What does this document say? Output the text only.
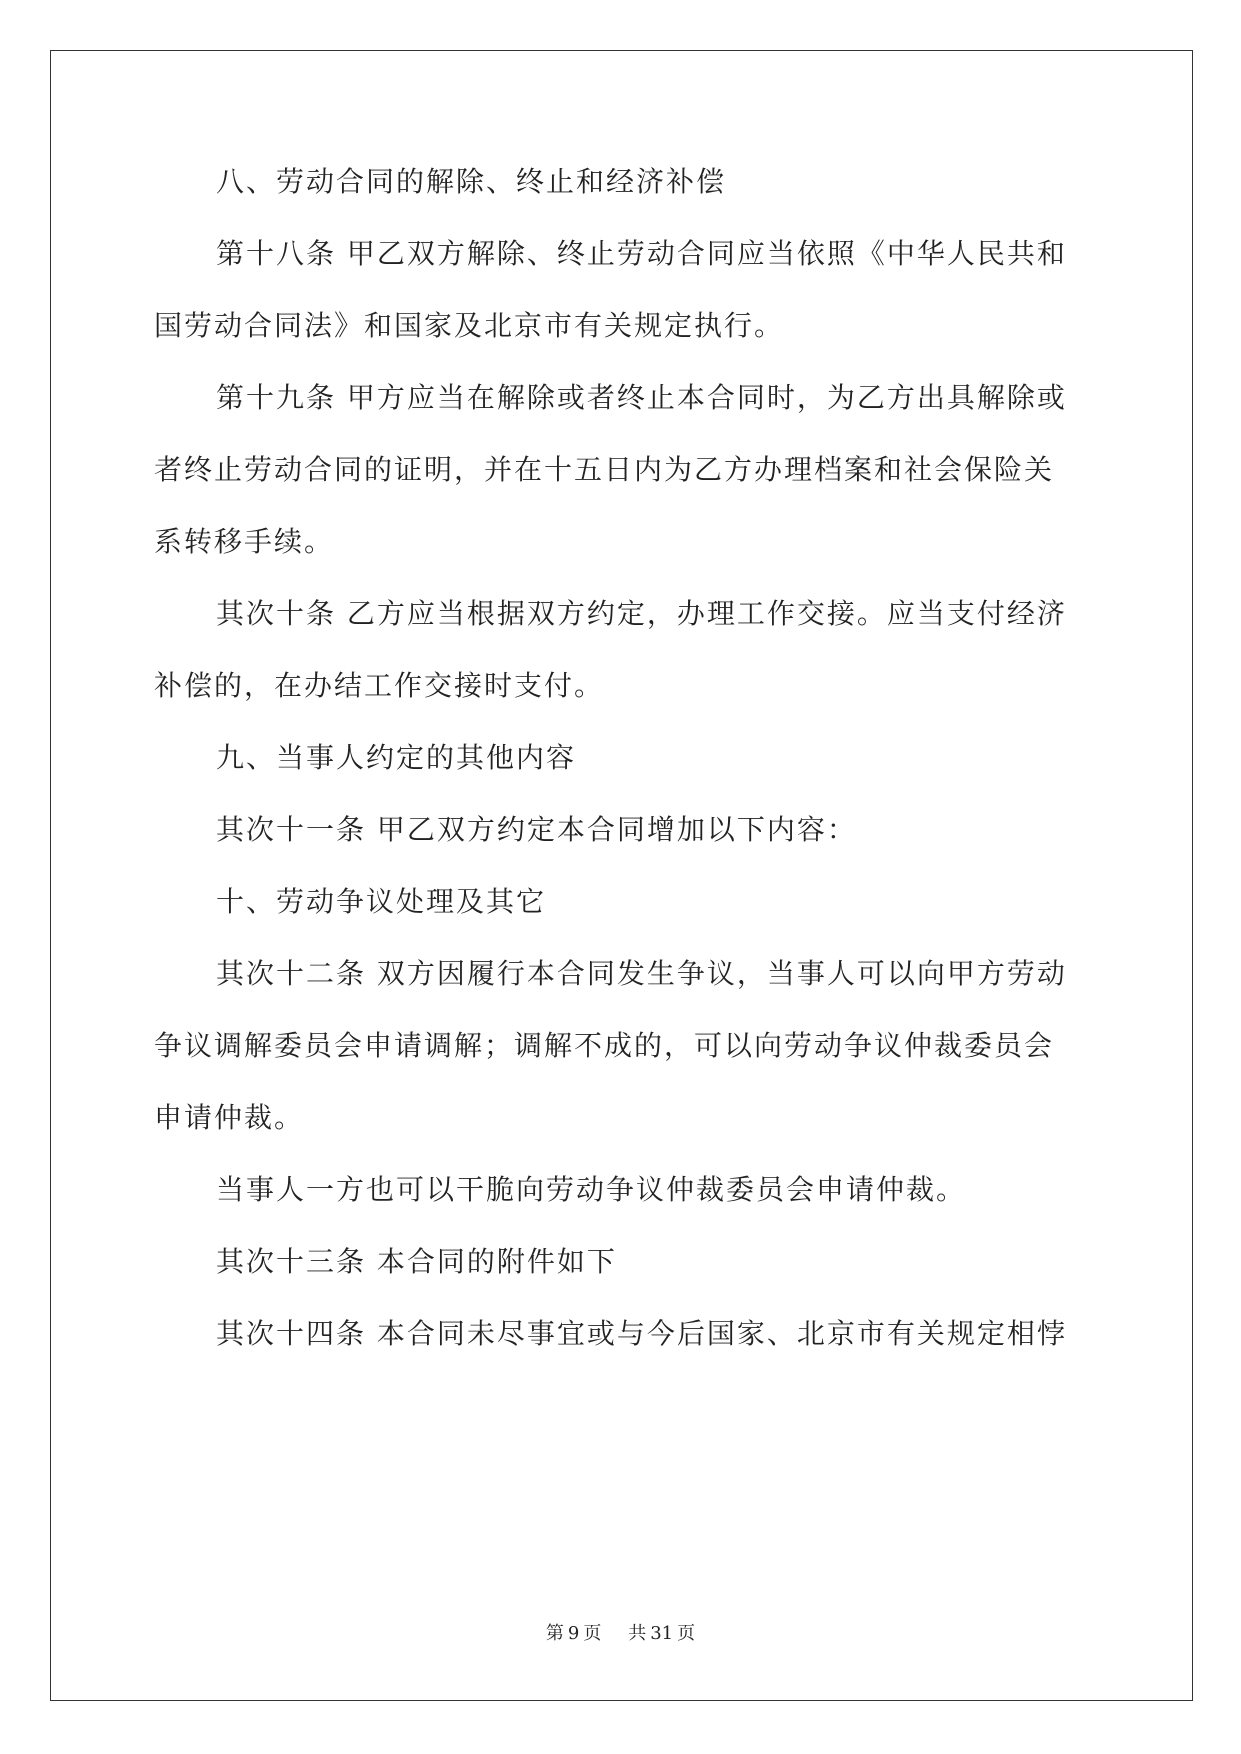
八、劳动合同的解除、终止和经济补偿

第十八条 甲乙双方解除、终止劳动合同应当依照《中华人民共和

国劳动合同法》和国家及北京市有关规定执行。

第十九条 甲方应当在解除或者终止本合同时，为乙方出具解除或

者终止劳动合同的证明，并在十五日内为乙方办理档案和社会保险关

系转移手续。

其次十条 乙方应当根据双方约定，办理工作交接。应当支付经济

补偿的，在办结工作交接时支付。

九、当事人约定的其他内容

其次十一条 甲乙双方约定本合同增加以下内容：

十、劳动争议处理及其它

其次十二条 双方因履行本合同发生争议，当事人可以向甲方劳动

争议调解委员会申请调解；调解不成的，可以向劳动争议仲裁委员会

申请仲裁。

当事人一方也可以干脆向劳动争议仲裁委员会申请仲裁。

其次十三条 本合同的附件如下

其次十四条 本合同未尽事宜或与今后国家、北京市有关规定相悖

第 9 页 共 31 页
